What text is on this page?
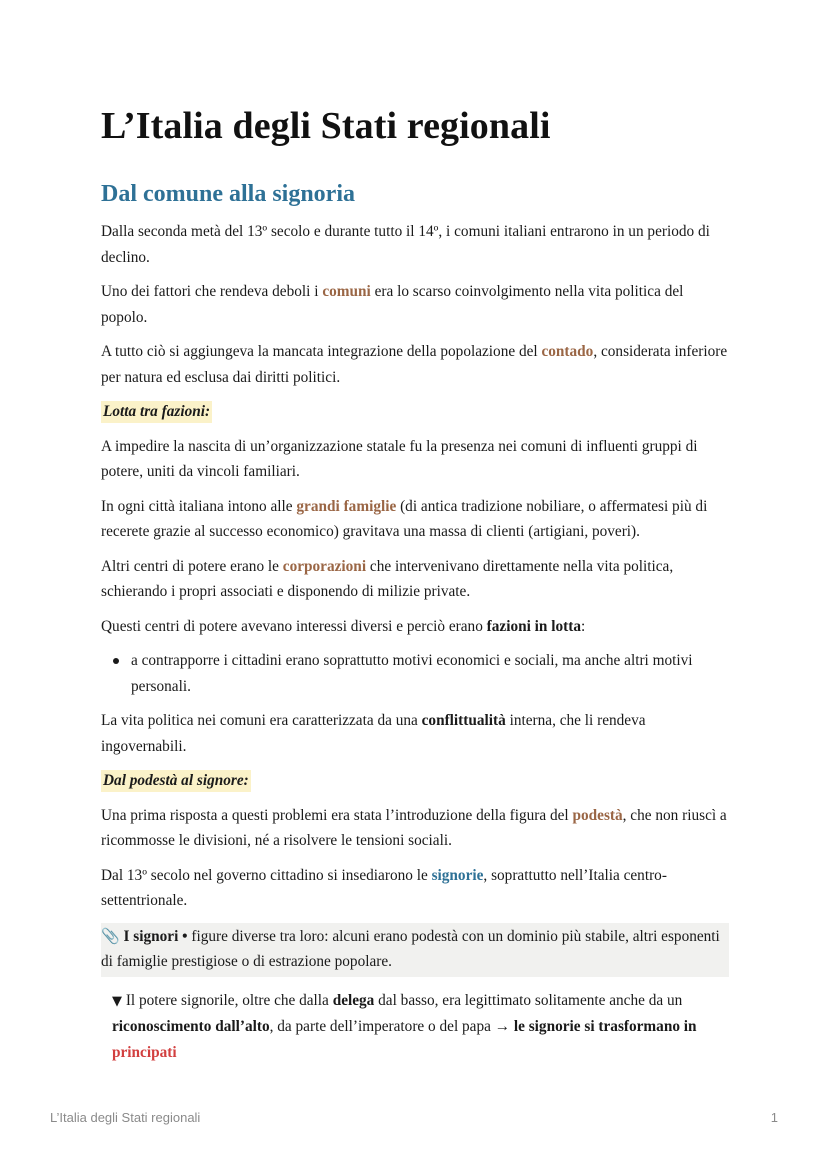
L’Italia degli Stati regionali
Dal comune alla signoria

Dalla seconda metà del 13º secolo e durante tutto il 14º, i comuni italiani entrarono in un periodo di declino.

Uno dei fattori che rendeva deboli i comuni era lo scarso coinvolgimento nella vita politica del popolo.

A tutto ciò si aggiungeva la mancata integrazione della popolazione del contado, considerata inferiore per natura ed esclusa dai diritti politici.

Lotta tra fazioni:

A impedire la nascita di un’organizzazione statale fu la presenza nei comuni di influenti gruppi di potere, uniti da vincoli familiari.

In ogni città italiana intono alle grandi famiglie (di antica tradizione nobiliare, o affermatesi più di recerete grazie al successo economico) gravitava una massa di clienti (artigiani, poveri).

Altri centri di potere erano le corporazioni che intervenivano direttamente nella vita politica, schierando i propri associati e disponendo di milizie private.

Questi centri di potere avevano interessi diversi e perciò erano fazioni in lotta:

a contrapporre i cittadini erano soprattutto motivi economici e sociali, ma anche altri motivi personali.

La vita politica nei comuni era caratterizzata da una conflittualità interna, che li rendeva ingovernabili.

Dal podestà al signore:

Una prima risposta a questi problemi era stata l’introduzione della figura del podestà, che non riuscì a ricommosse le divisioni, né a risolvere le tensioni sociali.

Dal 13º secolo nel governo cittadino si insediarono le signorie, soprattutto nell’Italia centro-settentrionale.

📎 I signori • figure diverse tra loro: alcuni erano podestà con un dominio più stabile, altri esponenti di famiglie prestigiose o di estrazione popolare.

▼ Il potere signorile, oltre che dalla delega dal basso, era legittimato solitamente anche da un riconoscimento dall’alto, da parte dell’imperatore o del papa → le signorie si trasformano in principati

L’Italia degli Stati regionali	1
